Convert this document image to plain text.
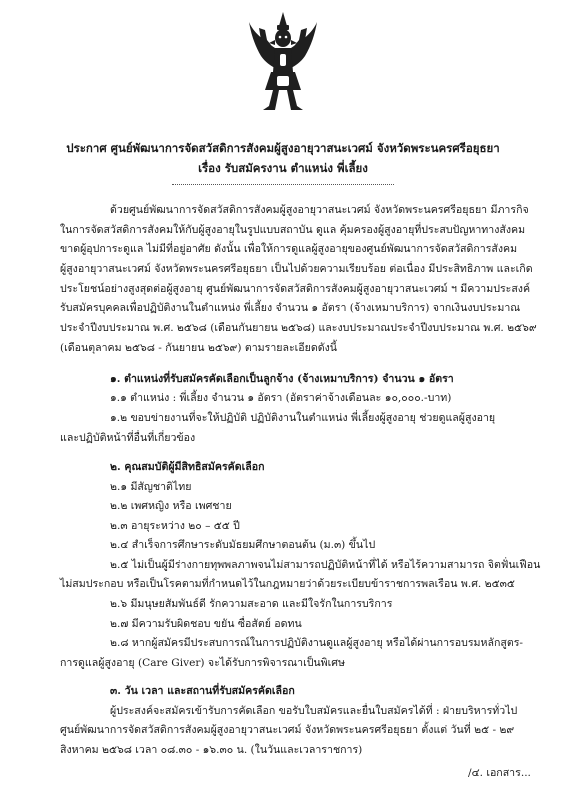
ประกาศ ศูนย์พัฒนาการจัดสวัสดิการสังคมผู้สูงอายุวาสนะเวศม์ จังหวัดพระนครศรีอยุธยา
เรื่อง รับสมัครงาน ตำแหน่ง พี่เลี้ยง
ด้วยศูนย์พัฒนาการจัดสวัสดิการสังคมผู้สูงอายุวาสนะเวศม์ จังหวัดพระนครศรีอยุธยา มีภารกิจ
ในการจัดสวัสดิการสังคมให้กับผู้สูงอายุในรูปแบบสถาบัน ดูแล คุ้มครองผู้สูงอายุที่ประสบปัญหาทางสังคม
ขาดผู้อุปการะดูแล ไม่มีที่อยู่อาศัย ดังนั้น เพื่อให้การดูแลผู้สูงอายุของศูนย์พัฒนาการจัดสวัสดิการสังคม
ผู้สูงอายุวาสนะเวศม์ จังหวัดพระนครศรีอยุธยา เป็นไปด้วยความเรียบร้อย ต่อเนื่อง มีประสิทธิภาพ และเกิด
ประโยชน์อย่างสูงสุดต่อผู้สูงอายุ ศูนย์พัฒนาการจัดสวัสดิการสังคมผู้สูงอายุวาสนะเวศม์ ฯ มีความประสงค์
รับสมัครบุคคลเพื่อปฏิบัติงานในตำแหน่ง พี่เลี้ยง จำนวน ๑ อัตรา (จ้างเหมาบริการ) จากเงินงบประมาณ
ประจำปีงบประมาณ พ.ศ. ๒๕๖๘ (เดือนกันยายน ๒๕๖๘) และงบประมาณประจำปีงบประมาณ พ.ศ. ๒๕๖๙
(เดือนตุลาคม ๒๕๖๘ - กันยายน ๒๕๖๙) ตามรายละเอียดดังนี้
๑. ตำแหน่งที่รับสมัครคัดเลือกเป็นลูกจ้าง (จ้างเหมาบริการ) จำนวน ๑ อัตรา
๑.๑ ตำแหน่ง : พี่เลี้ยง จำนวน ๑ อัตรา (อัตราค่าจ้างเดือนละ ๑๐,๐๐๐.-บาท)
๑.๒ ขอบข่ายงานที่จะให้ปฏิบัติ ปฏิบัติงานในตำแหน่ง พี่เลี้ยงผู้สูงอายุ ช่วยดูแลผู้สูงอายุ
และปฏิบัติหน้าที่อื่นที่เกี่ยวข้อง
๒. คุณสมบัติผู้มีสิทธิสมัครคัดเลือก
๒.๑ มีสัญชาติไทย
๒.๒ เพศหญิง หรือ เพศชาย
๒.๓ อายุระหว่าง ๒๐ – ๕๕ ปี
๒.๔ สำเร็จการศึกษาระดับมัธยมศึกษาตอนต้น (ม.๓) ขึ้นไป
๒.๕ ไม่เป็นผู้มีร่างกายทุพพลภาพจนไม่สามารถปฏิบัติหน้าที่ได้ หรือไร้ความสามารถ จิตฟั่นเฟือน
ไม่สมประกอบ หรือเป็นโรคตามที่กำหนดไว้ในกฎหมายว่าด้วยระเบียบข้าราชการพลเรือน พ.ศ. ๒๕๓๕
๒.๖ มีมนุษยสัมพันธ์ดี รักความสะอาด และมีใจรักในการบริการ
๒.๗ มีความรับผิดชอบ ขยัน ซื่อสัตย์ อดทน
๒.๘ หากผู้สมัครมีประสบการณ์ในการปฏิบัติงานดูแลผู้สูงอายุ หรือได้ผ่านการอบรมหลักสูตร-
การดูแลผู้สูงอายุ (Care Giver) จะได้รับการพิจารณาเป็นพิเศษ
๓. วัน เวลา และสถานที่รับสมัครคัดเลือก
ผู้ประสงค์จะสมัครเข้ารับการคัดเลือก ขอรับใบสมัครและยื่นใบสมัครได้ที่ : ฝ่ายบริหารทั่วไป
ศูนย์พัฒนาการจัดสวัสดิการสังคมผู้สูงอายุวาสนะเวศม์ จังหวัดพระนครศรีอยุธยา ตั้งแต่ วันที่ ๒๕ - ๒๙
สิงหาคม ๒๕๖๘ เวลา ๐๘.๓๐ - ๑๖.๓๐ น. (ในวันและเวลาราชการ)
/๔. เอกสาร...
